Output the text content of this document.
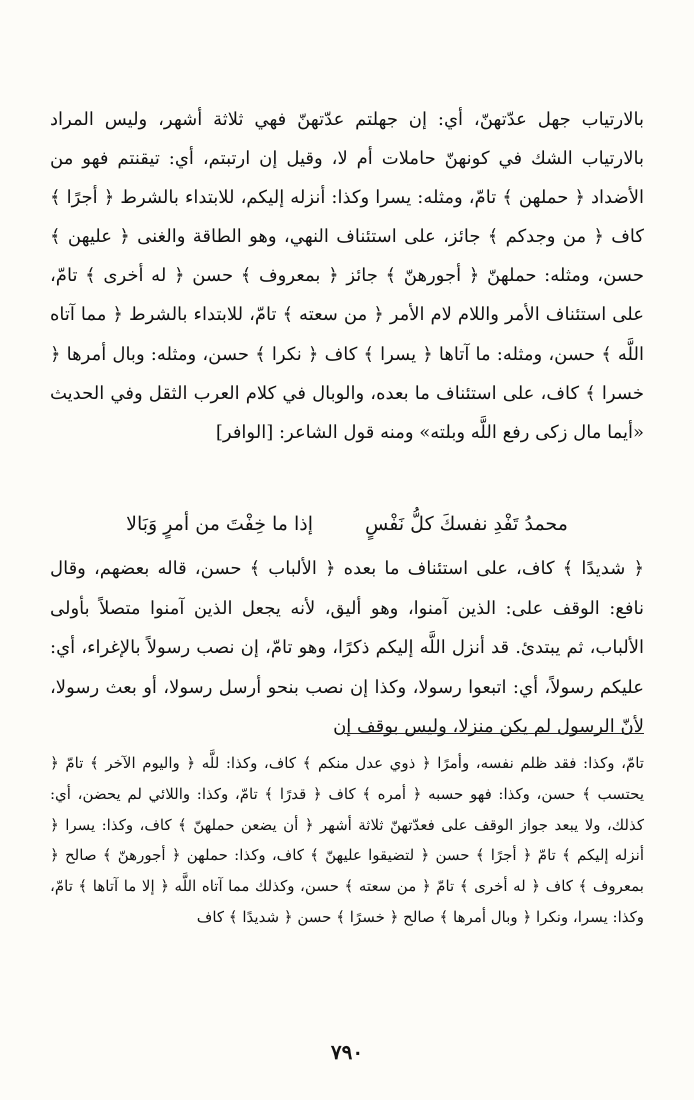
بالارتياب جهل عدّتهنّ، أي: إن جهلتم عدّتهنّ فهي ثلاثة أشهر، وليس المراد بالارتياب الشك في كونهنّ حاملات أم لا، وقيل إن ارتبتم، أي: تيقنتم فهو من الأضداد ﴿ حملهن ﴾ تامّ، ومثله: يسرا وكذا: أنزله إليكم، للابتداء بالشرط ﴿ أجرًا ﴾ كاف ﴿ من وجدكم ﴾ جائز، على استئناف النهي، وهو الطاقة والغنى ﴿ عليهن ﴾ حسن، ومثله: حملهنّ ﴿ أجورهنّ ﴾ جائز ﴿ بمعروف ﴾ حسن ﴿ له أخرى ﴾ تامّ، على استئناف الأمر واللام لام الأمر ﴿ من سعته ﴾ تامّ، للابتداء بالشرط ﴿ مما آتاه اللَّه ﴾ حسن، ومثله: ما آتاها ﴿ يسرا ﴾ كاف ﴿ نكرا ﴾ حسن، ومثله: وبال أمرها ﴿ خسرا ﴾ كاف، على استئناف ما بعده، والوبال في كلام العرب الثقل وفي الحديث «أيما مال زكى رفع اللَّه وبلته» ومنه قول الشاعر: [الوافر]

محمدُ تَفْدِ نفسكَ كلُّ نَفْسٍ
إذا ما خِفْتَ من أمرٍ وَبَالا

﴿ شديدًا ﴾ كاف، على استئناف ما بعده ﴿ الألباب ﴾ حسن، قاله بعضهم، وقال نافع: الوقف على: الذين آمنوا، وهو أليق، لأنه يجعل الذين آمنوا متصلاً بأولى الألباب، ثم يبتدئ. قد أنزل اللَّه إليكم ذكرًا، وهو تامّ، إن نصب رسولاً بالإغراء، أي: عليكم رسولاً، أي: اتبعوا رسولا، وكذا إن نصب بنحو أرسل رسولا، أو بعث رسولا، لأنّ الرسول لم يكن منزلا، وليس بوقف إن

تامّ، وكذا: فقد ظلم نفسه، وأمرًا ﴿ ذوي عدل منكم ﴾ كاف، وكذا: للَّه ﴿ واليوم الآخر ﴾ تامّ ﴿ يحتسب ﴾ حسن، وكذا: فهو حسبه ﴿ أمره ﴾ كاف ﴿ قدرًا ﴾ تامّ، وكذا: واللائي لم يحضن، أي: كذلك، ولا يبعد جواز الوقف على فعدّتهنّ ثلاثة أشهر ﴿ أن يضعن حملهنّ ﴾ كاف، وكذا: يسرا ﴿ أنزله إليكم ﴾ تامّ ﴿ أجرًا ﴾ حسن ﴿ لتضيقوا عليهنّ ﴾ كاف، وكذا: حملهن ﴿ أجورهنّ ﴾ صالح ﴿ بمعروف ﴾ كاف ﴿ له أخرى ﴾ تامّ ﴿ من سعته ﴾ حسن، وكذلك مما آتاه اللَّه ﴿ إلا ما آتاها ﴾ تامّ، وكذا: يسرا، ونكرا ﴿ وبال أمرها ﴾ صالح ﴿ خسرًا ﴾ حسن ﴿ شديدًا ﴾ كاف

٧٩٠
